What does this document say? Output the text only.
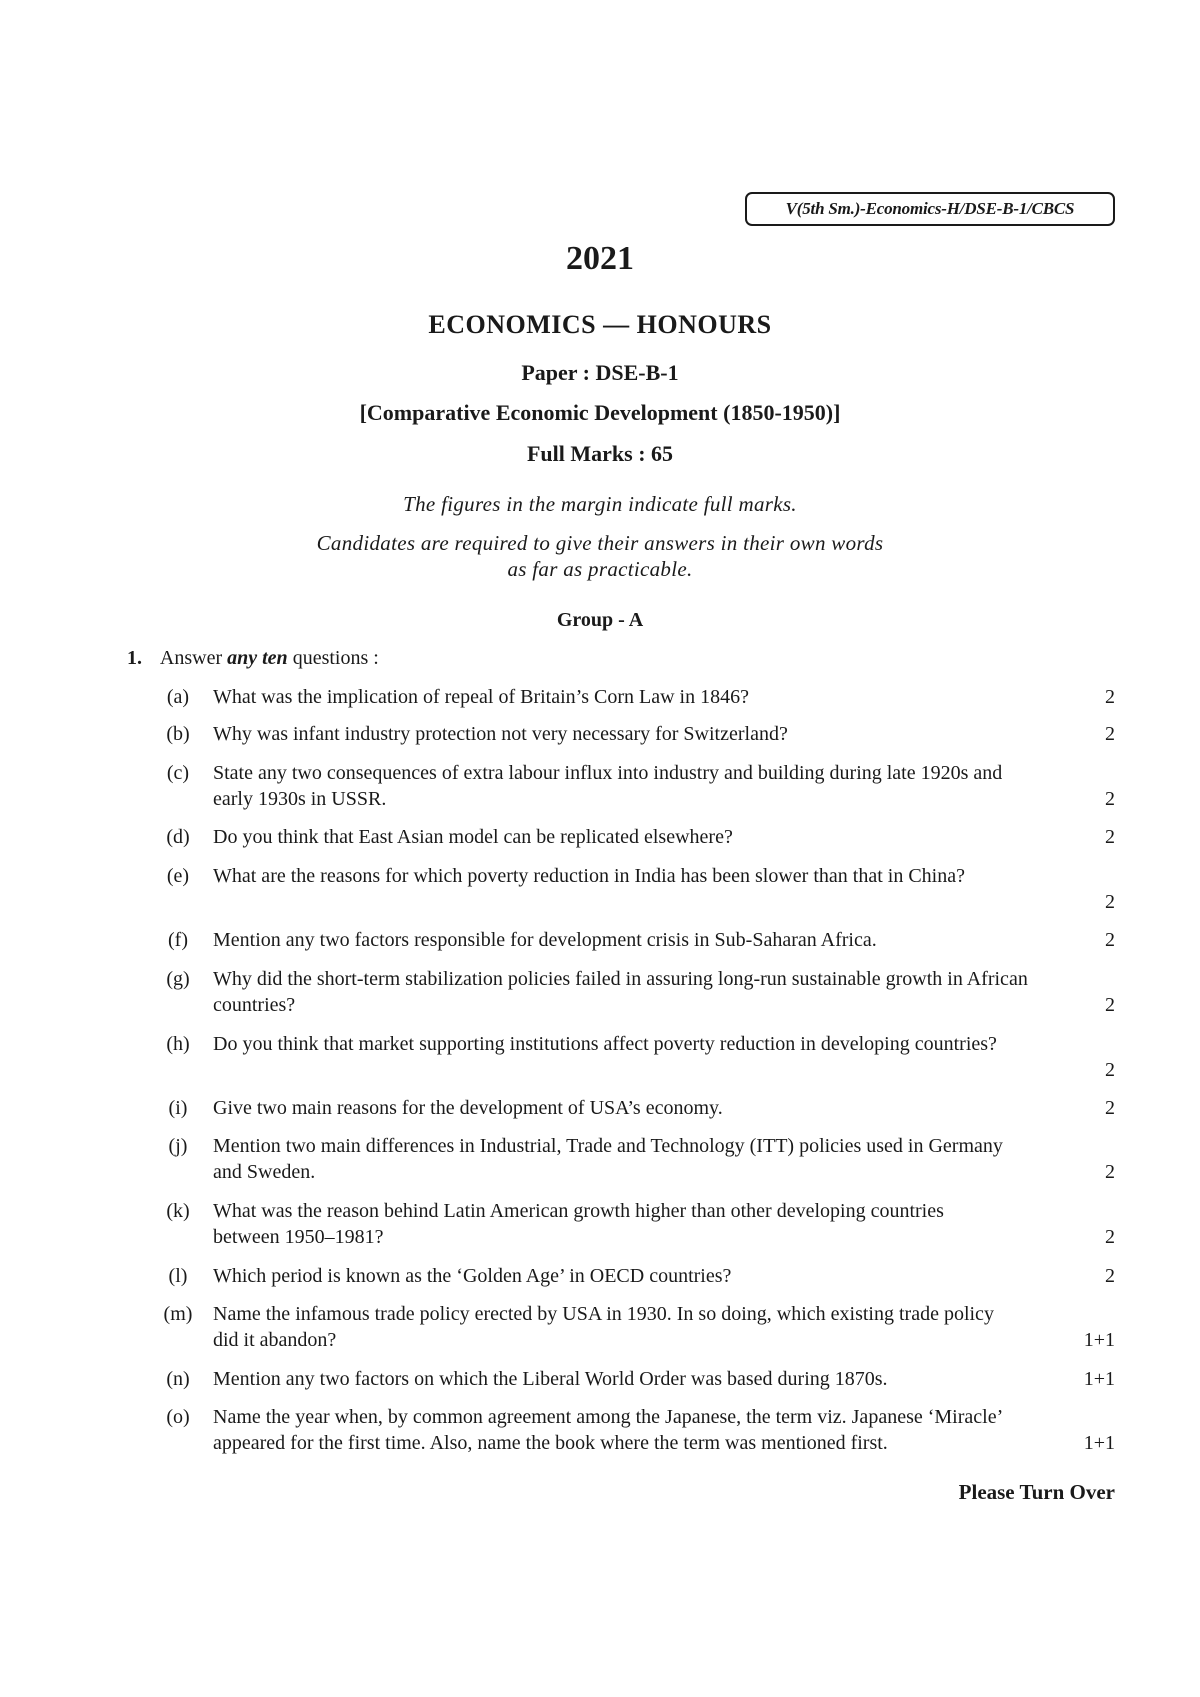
V(5th Sm.)-Economics-H/DSE-B-1/CBCS
2021
ECONOMICS — HONOURS
Paper : DSE-B-1
[Comparative Economic Development (1850-1950)]
Full Marks : 65
The figures in the margin indicate full marks.
Candidates are required to give their answers in their own words
as far as practicable.
Group - A
1. Answer any ten questions :
(a)	What was the implication of repeal of Britain’s Corn Law in 1846?	2
(b)	Why was infant industry protection not very necessary for Switzerland?	2
(c)	State any two consequences of extra labour influx into industry and building during late 1920s and
early 1930s in USSR.	2
(d)	Do you think that East Asian model can be replicated elsewhere?	2
(e)	What are the reasons for which poverty reduction in India has been slower than that in China?
2
(f)	Mention any two factors responsible for development crisis in Sub-Saharan Africa.	2
(g)	Why did the short-term stabilization policies failed in assuring long-run sustainable growth in African
countries?	2
(h)	Do you think that market supporting institutions affect poverty reduction in developing countries?
2
(i)	Give two main reasons for the development of USA’s economy.	2
(j)	Mention two main differences in Industrial, Trade and Technology (ITT) policies used in Germany
and Sweden.	2
(k)	What was the reason behind Latin American growth higher than other developing countries
between 1950–1981?	2
(l)	Which period is known as the ‘Golden Age’ in OECD countries?	2
(m) Name the infamous trade policy erected by USA in 1930. In so doing, which existing trade policy
did it abandon?	1+1
(n)	Mention any two factors on which the Liberal World Order was based during 1870s.	1+1
(o)	Name the year when, by common agreement among the Japanese, the term viz. Japanese ‘Miracle’
appeared for the first time. Also, name the book where the term was mentioned first.	1+1
Please Turn Over
